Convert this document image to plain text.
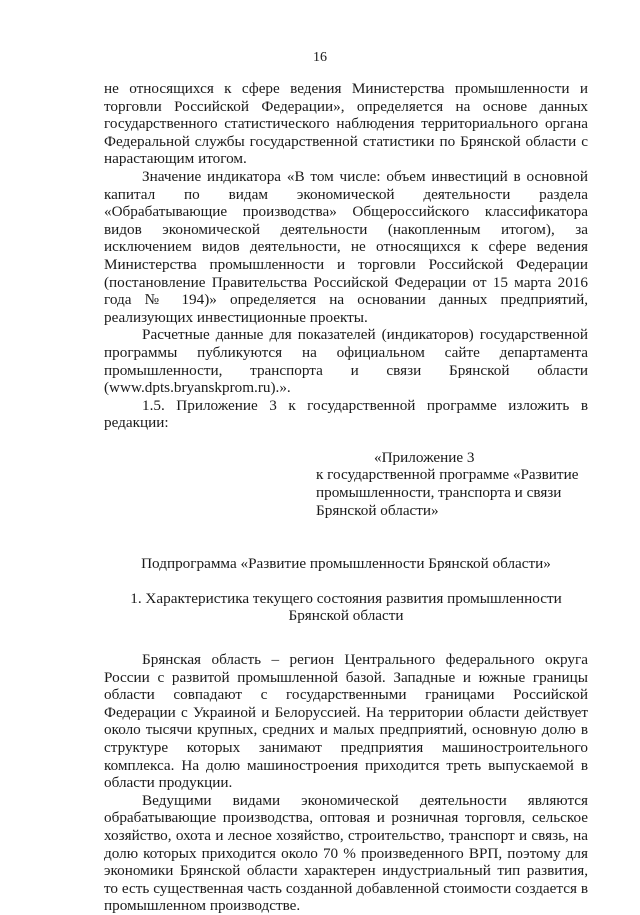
16

не относящихся к сфере ведения Министерства промышленности и торговли Российской Федерации», определяется на основе данных государственного статистического наблюдения территориального органа Федеральной службы государственной статистики по Брянской области с нарастающим итогом.

Значение индикатора «В том числе: объем инвестиций в основной капитал по видам экономической деятельности раздела «Обрабатывающие производства» Общероссийского классификатора видов экономической деятельности (накопленным итогом), за исключением видов деятельности, не относящихся к сфере ведения Министерства промышленности и торговли Российской Федерации (постановление Правительства Российской Федерации от 15 марта 2016 года № 194)» определяется на основании данных предприятий, реализующих инвестиционные проекты.

Расчетные данные для показателей (индикаторов) государственной программы публикуются на официальном сайте департамента промышленности, транспорта и связи Брянской области (www.dpts.bryanskprom.ru).».

1.5. Приложение 3 к государственной программе изложить в редакции:

«Приложение 3
к государственной программе «Развитие промышленности, транспорта и связи Брянской области»

Подпрограмма «Развитие промышленности Брянской области»

1. Характеристика текущего состояния развития промышленности
Брянской области

Брянская область – регион Центрального федерального округа России с развитой промышленной базой. Западные и южные границы области совпадают с государственными границами Российской Федерации с Украиной и Белоруссией. На территории области действует около тысячи крупных, средних и малых предприятий, основную долю в структуре которых занимают предприятия машиностроительного комплекса. На долю машиностроения приходится треть выпускаемой в области продукции.

Ведущими видами экономической деятельности являются обрабатывающие производства, оптовая и розничная торговля, сельское хозяйство, охота и лесное хозяйство, строительство, транспорт и связь, на долю которых приходится около 70 % произведенного ВРП, поэтому для экономики Брянской области характерен индустриальный тип развития, то есть существенная часть созданной добавленной стоимости создается в промышленном производстве.
